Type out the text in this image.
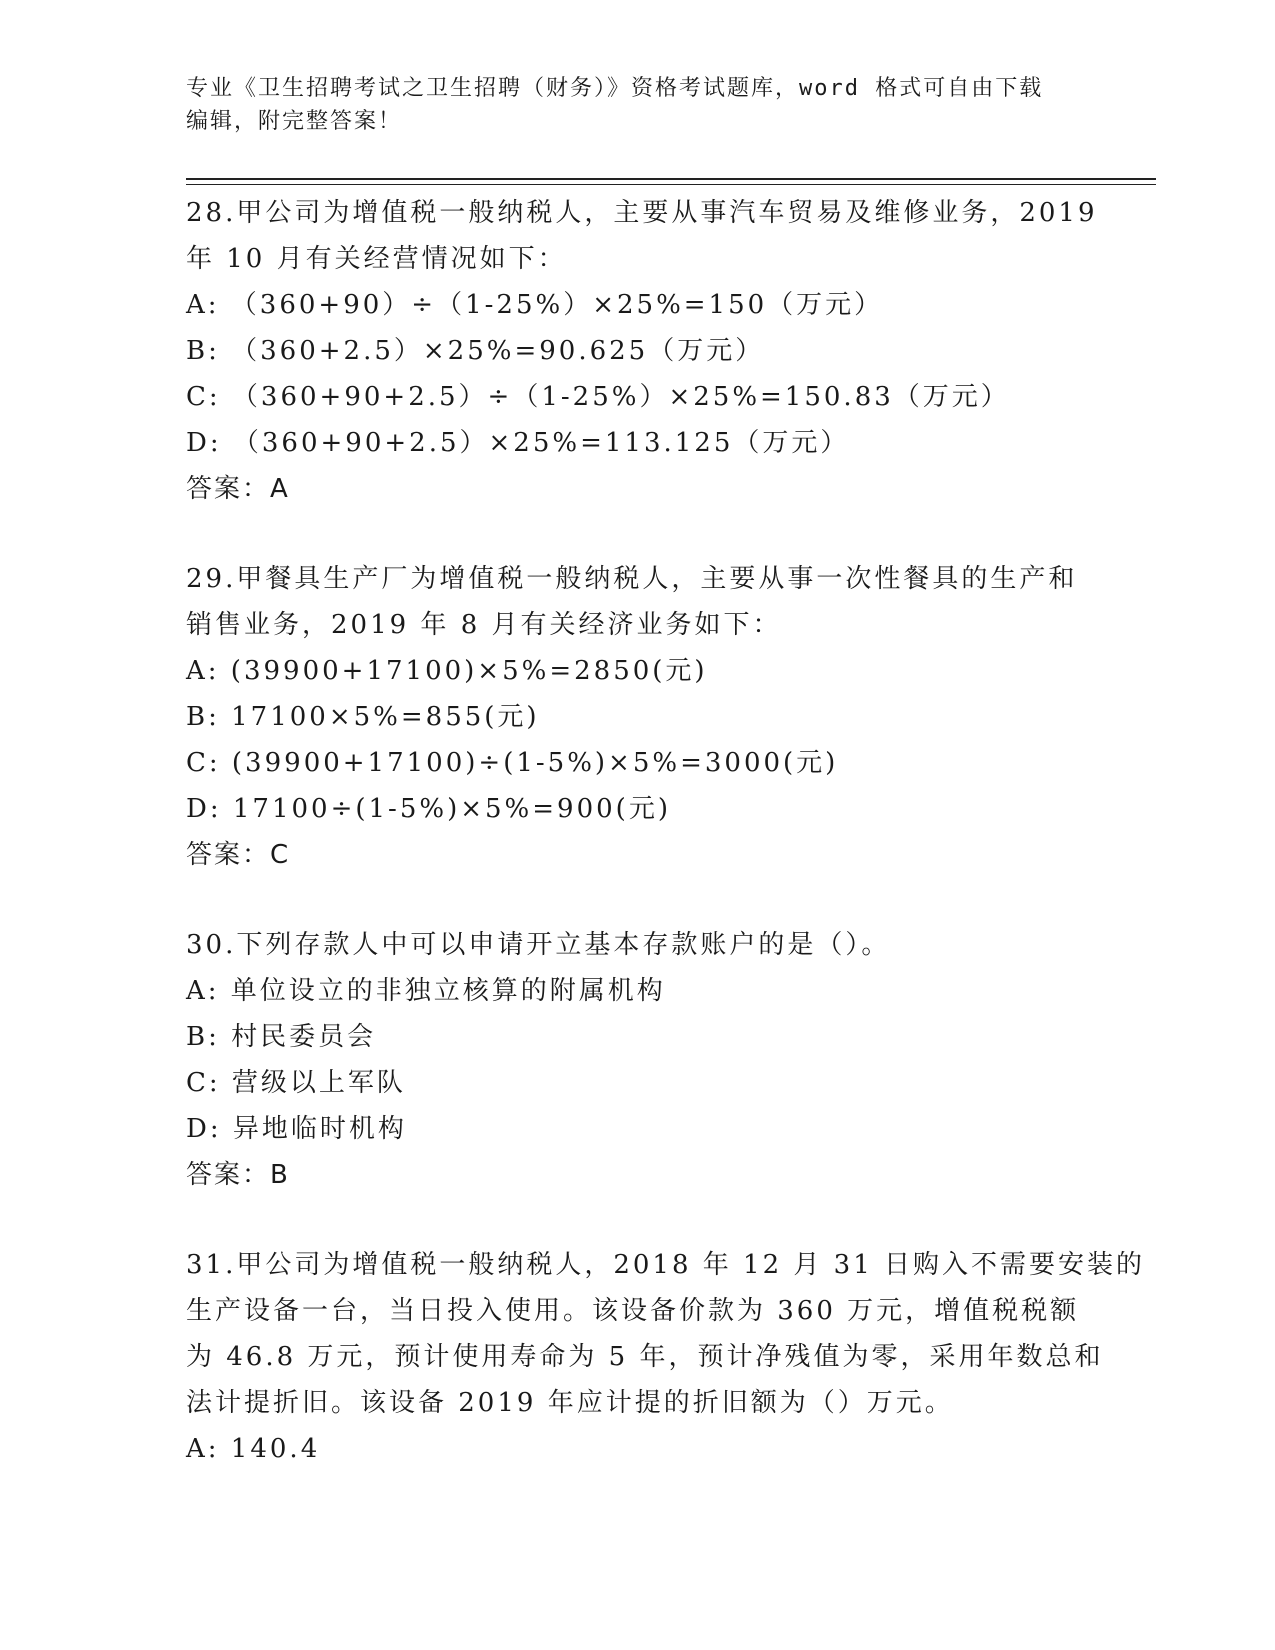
专业《卫生招聘考试之卫生招聘（财务）》资格考试题库，word 格式可自由下载
编辑，附完整答案！
28.甲公司为增值税一般纳税人，主要从事汽车贸易及维修业务，2019
年 10 月有关经营情况如下：
A: （360+90）÷（1-25%）×25%=150（万元）
B: （360+2.5）×25%=90.625（万元）
C: （360+90+2.5）÷（1-25%）×25%=150.83（万元）
D: （360+90+2.5）×25%=113.125（万元）
答案：A
29.甲餐具生产厂为增值税一般纳税人，主要从事一次性餐具的生产和
销售业务，2019 年 8 月有关经济业务如下：
A: (39900+17100)×5%=2850(元)
B: 17100×5%=855(元)
C: (39900+17100)÷(1-5%)×5%=3000(元)
D: 17100÷(1-5%)×5%=900(元)
答案：C
30.下列存款人中可以申请开立基本存款账户的是（）。
A: 单位设立的非独立核算的附属机构
B: 村民委员会
C: 营级以上军队
D: 异地临时机构
答案：B
31.甲公司为增值税一般纳税人，2018 年 12 月 31 日购入不需要安装的
生产设备一台，当日投入使用。该设备价款为 360 万元，增值税税额
为 46.8 万元，预计使用寿命为 5 年，预计净残值为零，采用年数总和
法计提折旧。该设备 2019 年应计提的折旧额为（）万元。
A: 140.4
